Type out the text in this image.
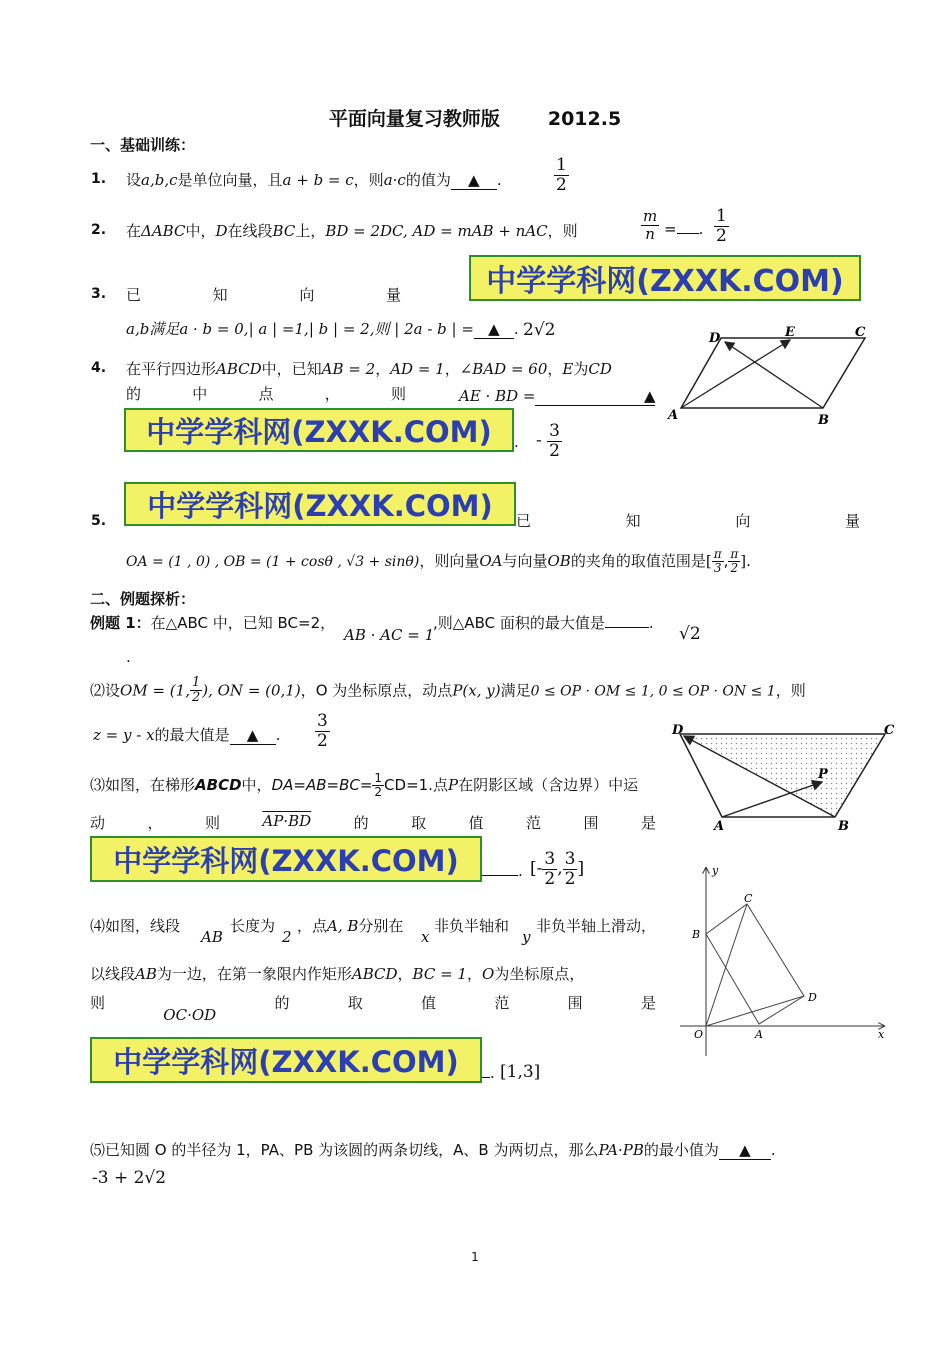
平面向量复习教师版	2012.5
一、基础训练：
1. 设a,b,c是单位向量，且a + b = c，则a·c的值为 ▲ .	$\frac{1}{2}$
2. 在ΔABC中，D在线段BC上，BD = 2DC, AD = mAB + nAC，则	$\frac{m}{n}$ = . $\frac{1}{2}$
3. 已	知	向	量	中学学科网(ZXXK.COM)
a,b满足a · b = 0,| a | =1,| b | = 2,则 | 2a - b | = ▲ . 2√2
4. 在平行四边形ABCD中，已知AB = 2，AD = 1，∠BAD = 60，E为CD
的	中	点	，	则	AE · BD =	▲
中学学科网(ZXXK.COM)	. - $\frac{3}{2}$
D	E	C
A	B
5.	中学学科网(ZXXK.COM)	已	知	向	量
OA = (1 , 0) , OB = (1 + cosθ , √3 + sinθ)，则向量OA与向量OB的夹角的取值范围是[ $\frac{\pi}{3}$ , $\frac{\pi}{2}$ ].
二、例题探析：
例题 1：在△ABC 中，已知 BC=2，
AB · AC = 1
,则△ABC 面积的最大值是	.
√2
.
⑵设OM = (1, $\frac{1}{2}$ ), ON = (0,1)，O 为坐标原点，动点P(x, y)满足0 ≤ OP · OM ≤ 1, 0 ≤ OP · ON ≤ 1，则
z = y - x的最大值是 ▲ . $\frac{3}{2}$	D	C
P
A	B
⑶如图，在梯形ABCD中，$DA=AB=BC= \frac{1}{2} CD=1$.点P在阴影区域（含边界）中运
动	，	则	AP·BD	的	取	值	范	围	是
中学学科网(ZXXK.COM)	. [- $\frac{3}{2}$ , $\frac{3}{2}$ ]	y
C
B
D
O	A	x
⑷如图，线段
AB
长度为
2
，点A, B分别在
x
非负半轴和
y
非负半轴上滑动，
以线段AB为一边，在第一象限内作矩形ABCD，BC = 1，O为坐标原点，
则
OC·OD
的	取	值	范	围	是
中学学科网(ZXXK.COM)	. [1,3]
⑸已知圆 O 的半径为 1，PA、PB 为该圆的两条切线，A、B 为两切点，那么PA·PB的最小值为 ▲ .
-3 + 2√2
1
